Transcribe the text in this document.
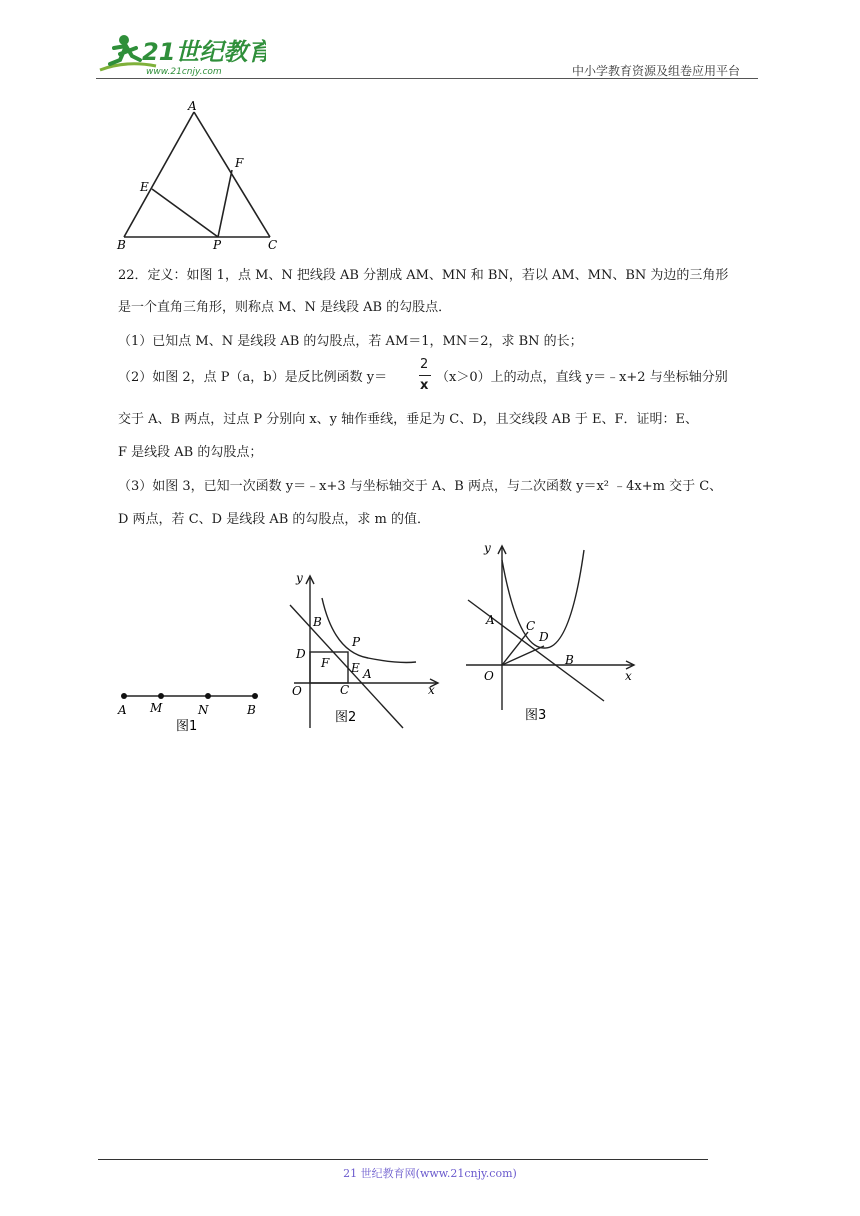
21世纪教育
www.21cnjy.com	中小学教育资源及组卷应用平台
A
B	C
E
F
P
22．定义：如图 1，点 M、N 把线段 AB 分割成 AM、MN 和 BN，若以 AM、MN、BN 为边的三角形
是一个直角三角形，则称点 M、N 是线段 AB 的勾股点．
（1）已知点 M、N 是线段 AB 的勾股点，若 AM＝1，MN＝2，求 BN 的长；
（2）如图 2，点 P（a，b）是反比例函数 y＝
2
x
（x＞0）上的动点，直线 y＝﹣x+2 与坐标轴分别
交于 A、B 两点，过点 P 分别向 x、y 轴作垂线，垂足为 C、D，且交线段 AB 于 E、F．证明：E、
F 是线段 AB 的勾股点；
（3）如图 3，已知一次函数 y＝﹣x+3 与坐标轴交于 A、B 两点，与二次函数 y＝x² ﹣4x+m 交于 C、
D 两点，若 C、D 是线段 AB 的勾股点，求 m 的值．
A M	N	B
图1
y
x
O
B
P
D
F E A
C
图2
y
x
O
A	C
D
B
图3
21 世纪教育网(www.21cnjy.com)
